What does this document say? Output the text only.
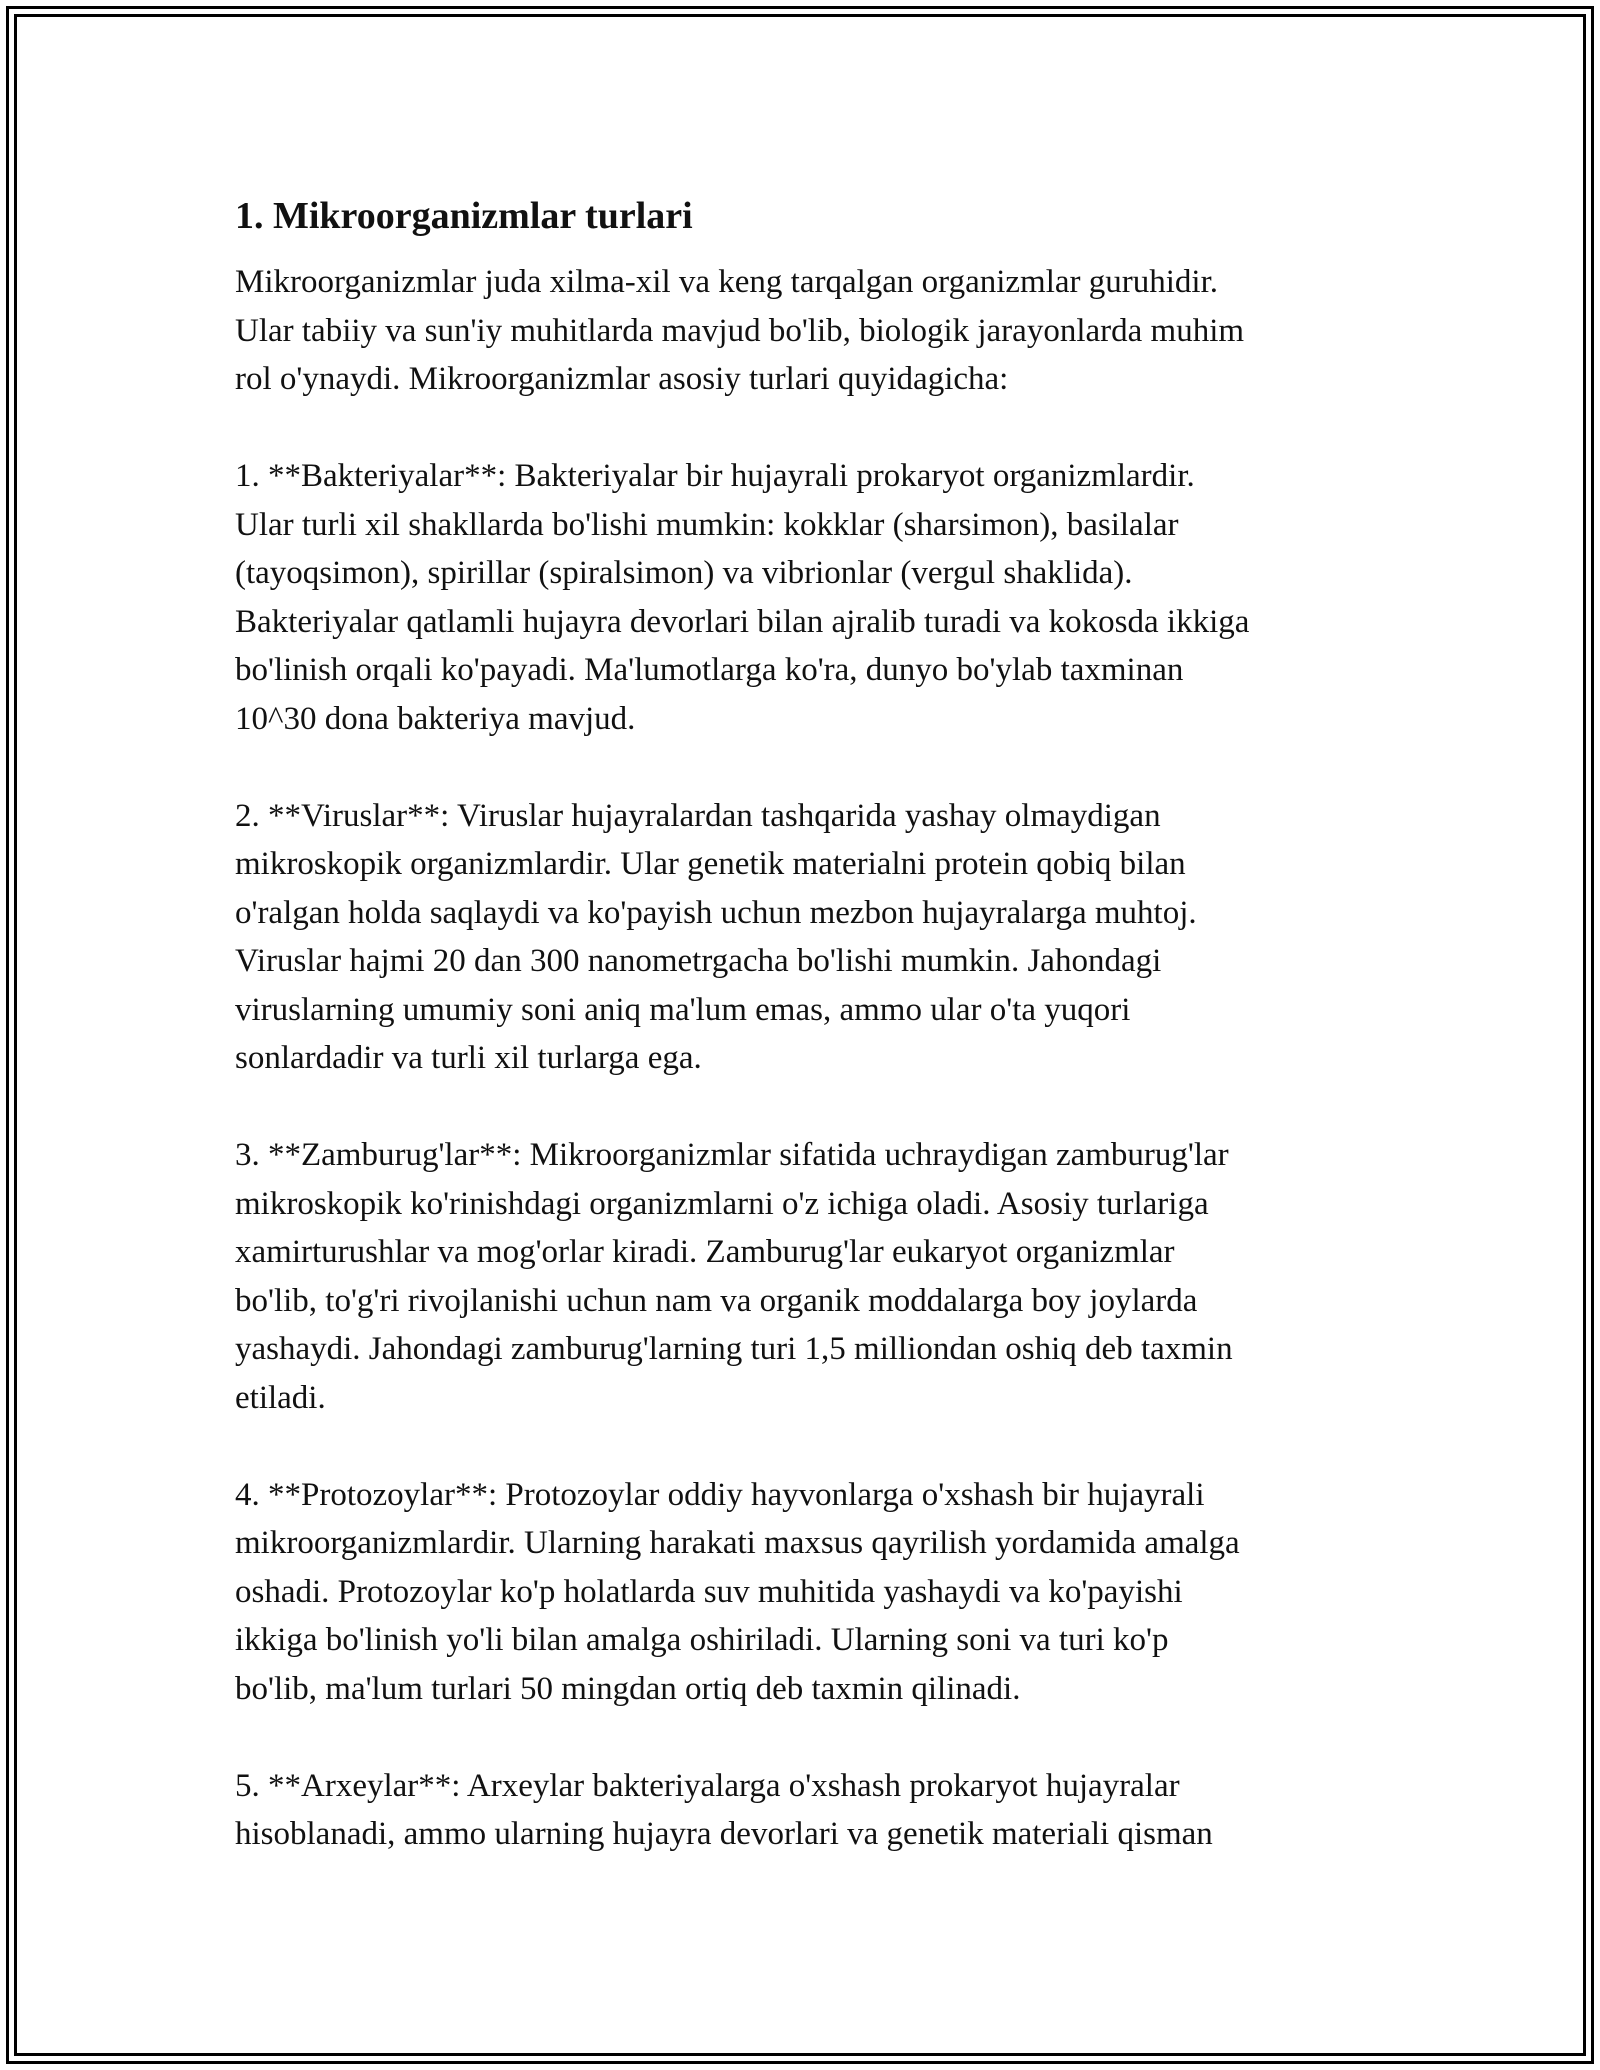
1. Mikroorganizmlar turlari

Mikroorganizmlar juda xilma-xil va keng tarqalgan organizmlar guruhidir.
Ular tabiiy va sun'iy muhitlarda mavjud bo'lib, biologik jarayonlarda muhim
rol o'ynaydi. Mikroorganizmlar asosiy turlari quyidagicha:

1. **Bakteriyalar**: Bakteriyalar bir hujayrali prokaryot organizmlardir.
Ular turli xil shakllarda bo'lishi mumkin: kokklar (sharsimon), basilalar
(tayoqsimon), spirillar (spiralsimon) va vibrionlar (vergul shaklida).
Bakteriyalar qatlamli hujayra devorlari bilan ajralib turadi va kokosda ikkiga
bo'linish orqali ko'payadi. Ma'lumotlarga ko'ra, dunyo bo'ylab taxminan
10^30 dona bakteriya mavjud.

2. **Viruslar**: Viruslar hujayralardan tashqarida yashay olmaydigan
mikroskopik organizmlardir. Ular genetik materialni protein qobiq bilan
o'ralgan holda saqlaydi va ko'payish uchun mezbon hujayralarga muhtoj.
Viruslar hajmi 20 dan 300 nanometrgacha bo'lishi mumkin. Jahondagi
viruslarning umumiy soni aniq ma'lum emas, ammo ular o'ta yuqori
sonlardadir va turli xil turlarga ega.

3. **Zamburug'lar**: Mikroorganizmlar sifatida uchraydigan zamburug'lar
mikroskopik ko'rinishdagi organizmlarni o'z ichiga oladi. Asosiy turlariga
xamirturushlar va mog'orlar kiradi. Zamburug'lar eukaryot organizmlar
bo'lib, to'g'ri rivojlanishi uchun nam va organik moddalarga boy joylarda
yashaydi. Jahondagi zamburug'larning turi 1,5 milliondan oshiq deb taxmin
etiladi.

4. **Protozoylar**: Protozoylar oddiy hayvonlarga o'xshash bir hujayrali
mikroorganizmlardir. Ularning harakati maxsus qayrilish yordamida amalga
oshadi. Protozoylar ko'p holatlarda suv muhitida yashaydi va ko'payishi
ikkiga bo'linish yo'li bilan amalga oshiriladi. Ularning soni va turi ko'p
bo'lib, ma'lum turlari 50 mingdan ortiq deb taxmin qilinadi.

5. **Arxeylar**: Arxeylar bakteriyalarga o'xshash prokaryot hujayralar
hisoblanadi, ammo ularning hujayra devorlari va genetik materiali qisman
